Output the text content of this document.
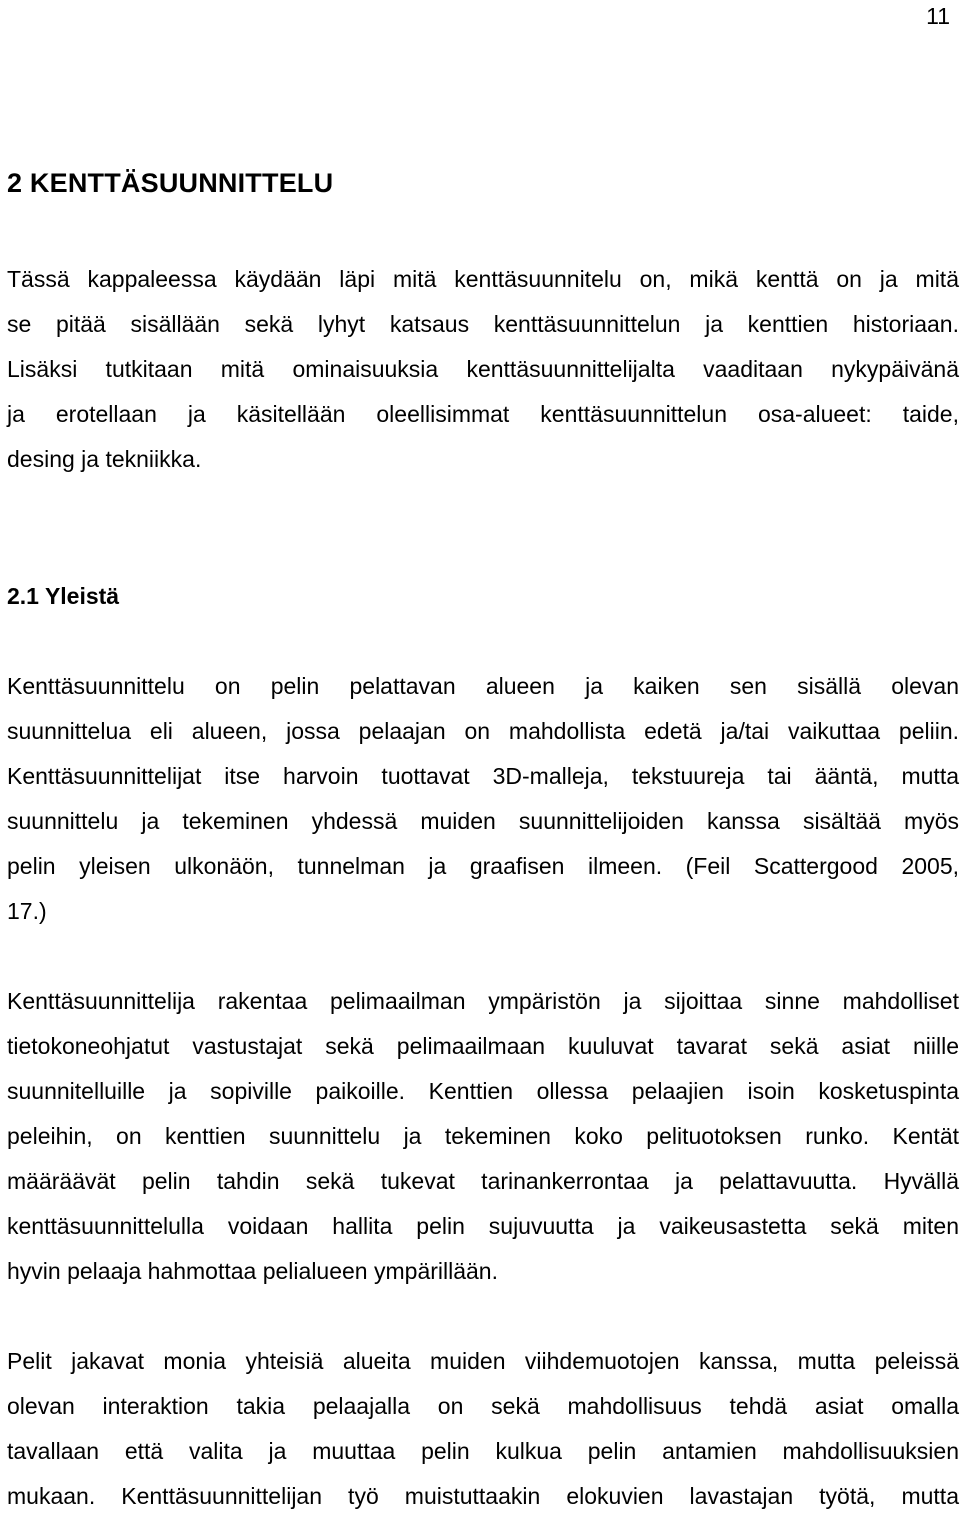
11
2 KENTTÄSUUNNITTELU
Tässä kappaleessa käydään läpi mitä kenttäsuunnitelu on, mikä kenttä on ja mitä
se pitää sisällään sekä lyhyt katsaus kenttäsuunnittelun ja kenttien historiaan.
Lisäksi tutkitaan mitä ominaisuuksia kenttäsuunnittelijalta vaaditaan nykypäivänä
ja erotellaan ja käsitellään oleellisimmat kenttäsuunnittelun osa-alueet: taide,
desing ja tekniikka.
2.1 Yleistä
Kenttäsuunnittelu on pelin pelattavan alueen ja kaiken sen sisällä olevan
suunnittelua eli alueen, jossa pelaajan on mahdollista edetä ja/tai vaikuttaa peliin.
Kenttäsuunnittelijat itse harvoin tuottavat 3D-malleja, tekstuureja tai ääntä, mutta
suunnittelu ja tekeminen yhdessä muiden suunnittelijoiden kanssa sisältää myös
pelin yleisen ulkonäön, tunnelman ja graafisen ilmeen. (Feil Scattergood 2005,
17.)
Kenttäsuunnittelija rakentaa pelimaailman ympäristön ja sijoittaa sinne mahdolliset
tietokoneohjatut vastustajat sekä pelimaailmaan kuuluvat tavarat sekä asiat niille
suunnitelluille ja sopiville paikoille. Kenttien ollessa pelaajien isoin kosketuspinta
peleihin, on kenttien suunnittelu ja tekeminen koko pelituotoksen runko. Kentät
määräävät pelin tahdin sekä tukevat tarinankerrontaa ja pelattavuutta. Hyvällä
kenttäsuunnittelulla voidaan hallita pelin sujuvuutta ja vaikeusastetta sekä miten
hyvin pelaaja hahmottaa pelialueen ympärillään.
Pelit jakavat monia yhteisiä alueita muiden viihdemuotojen kanssa, mutta peleissä
olevan interaktion takia pelaajalla on sekä mahdollisuus tehdä asiat omalla
tavallaan että valita ja muuttaa pelin kulkua pelin antamien mahdollisuuksien
mukaan. Kenttäsuunnittelijan työ muistuttaakin elokuvien lavastajan työtä, mutta
